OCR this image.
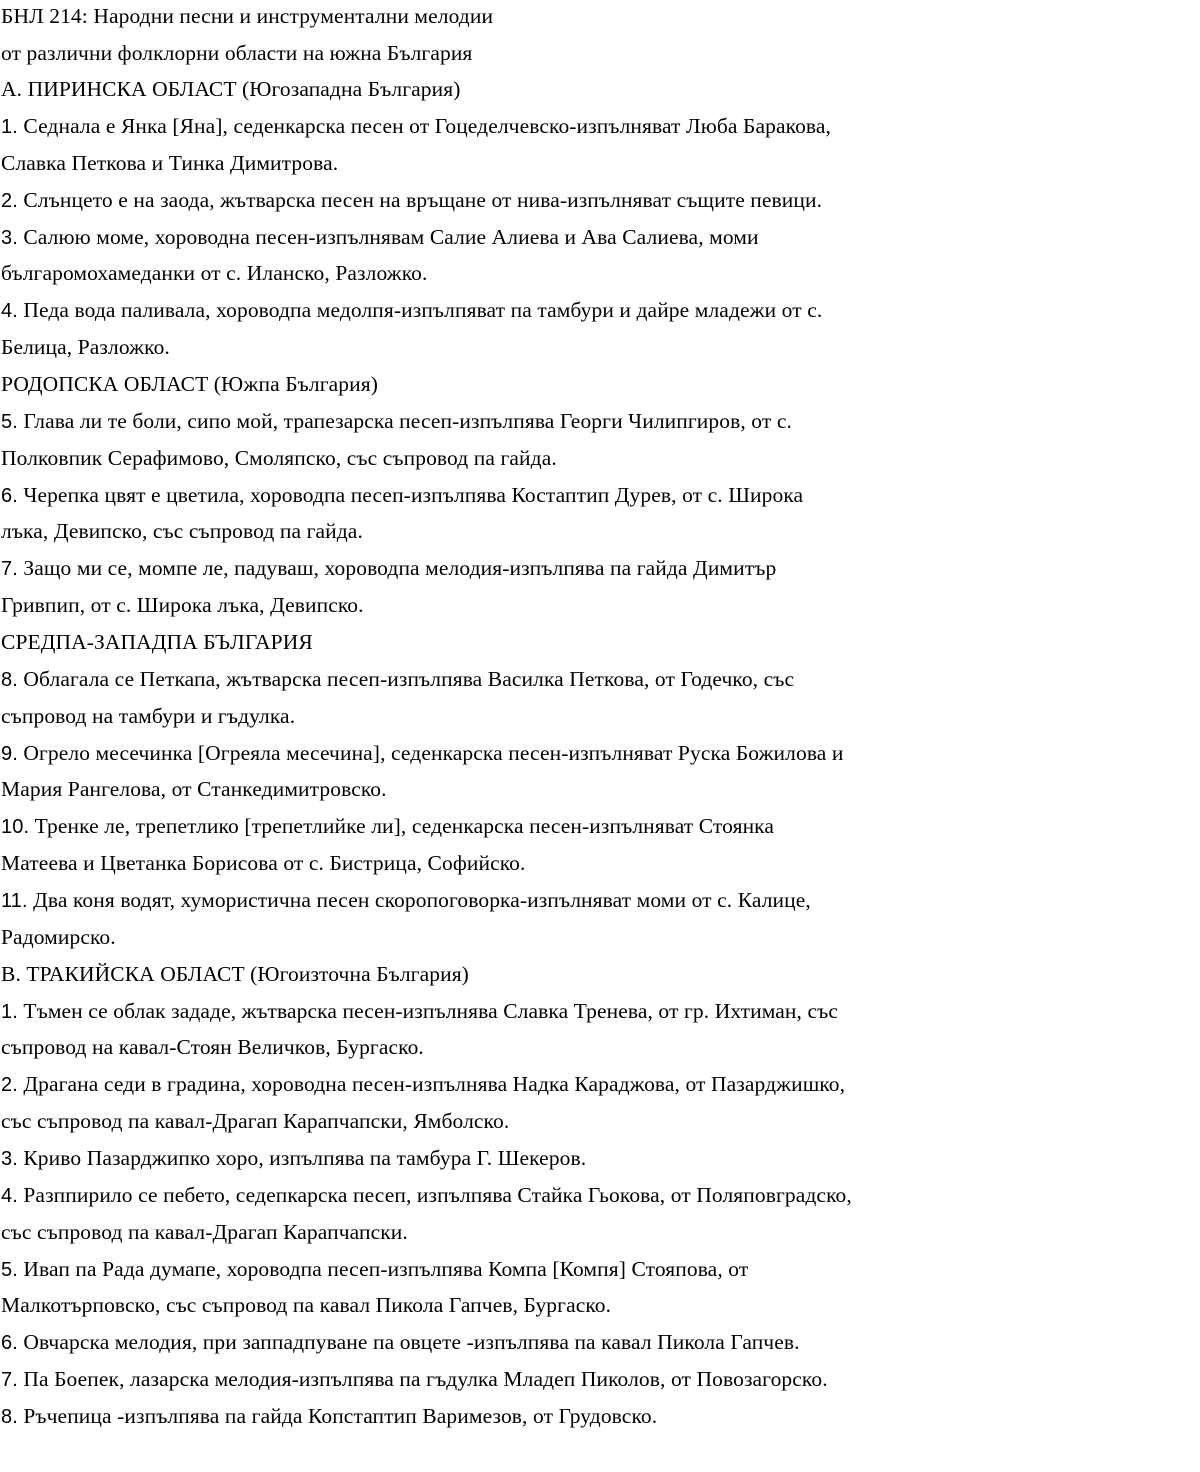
БНЛ 214: Народни песни и инструментални мелодии
от различни фолклорни области на южна България
А. ПИРИНСКА ОБЛАСТ (Югозападна България)
1. Седнала е Янка [Яна], седенкарска песен от Гоцеделчевско-изпълняват Люба Баракова,
Славка Петкова и Тинка Димитрова.
2. Слънцето е на заода, жътварска песен на връщане от нива-изпълняват същите певици.
3. Салюю моме, хороводна песен-изпълнявам Салие Алиева и Ава Салиева, моми
българомохамеданки от с. Иланско, Разложко.
4. Педа вода паливала, хороводпа медолпя-изпълпяват па тамбури и дайре младежи от с.
Белица, Разложко.
РОДОПСКА ОБЛАСТ (Южпа България)
5. Глава ли те боли, сипо мой, трапезарска песеп-изпълпява Георги Чилипгиров, от с.
Полковпик Серафимово, Смоляпско, със съпровод па гайда.
6. Черепка цвят е цветила, хороводпа песеп-изпълпява Костаптип Дурев, от с. Широка
лъка, Девипско, със съпровод па гайда.
7. Защо ми се, момпе ле, падуваш, хороводпа мелодия-изпълпява па гайда Димитър
Гривпип, от с. Широка лъка, Девипско.
СРЕДПА-ЗАПАДПА БЪЛГАРИЯ
8. Облагала се Петкапа, жътварска песеп-изпълпява Василка Петкова, от Годечко, със
съпровод на тамбури и гъдулка.
9. Огрело месечинка [Огреяла месечина], седенкарска песен-изпълняват Руска Божилова и
Мария Рангелова, от Станкедимитровско.
10. Тренке ле, трепетлико [трепетлийке ли], седенкарска песен-изпълняват Стоянка
Матеева и Цветанка Борисова от с. Бистрица, Софийско.
11. Два коня водят, хумористична песен скоропоговорка-изпълняват моми от с. Калице,
Радомирско.
В. ТРАКИЙСКА ОБЛАСТ (Югоизточна България)
1. Тъмен се облак зададе, жътварска песен-изпълнява Славка Тренева, от гр. Ихтиман, със
съпровод на кавал-Стоян Величков, Бургаско.
2. Драгана седи в градина, хороводна песен-изпълнява Надка Караджова, от Пазарджишко,
със съпровод па кавал-Драгап Карапчапски, Ямболско.
3. Криво Пазарджипко хоро, изпълпява па тамбура Г. Шекеров.
4. Разппирило се пебето, седепкарска песеп, изпълпява Стайка Гьокова, от Поляповградско,
със съпровод па кавал-Драгап Карапчапски.
5. Ивап па Рада думапе, хороводпа песеп-изпълпява Компа [Компя] Стояпова, от
Малкотърповско, със съпровод па кавал Пикола Гапчев, Бургаско.
6. Овчарска мелодия, при заппадпуване па овцете -изпълпява па кавал Пикола Гапчев.
7. Па Боепек, лазарска мелодия-изпълпява па гъдулка Младеп Пиколов, от Повозагорско.
8. Ръчепица -изпълпява па гайда Копстаптип Варимезов, от Грудовско.
